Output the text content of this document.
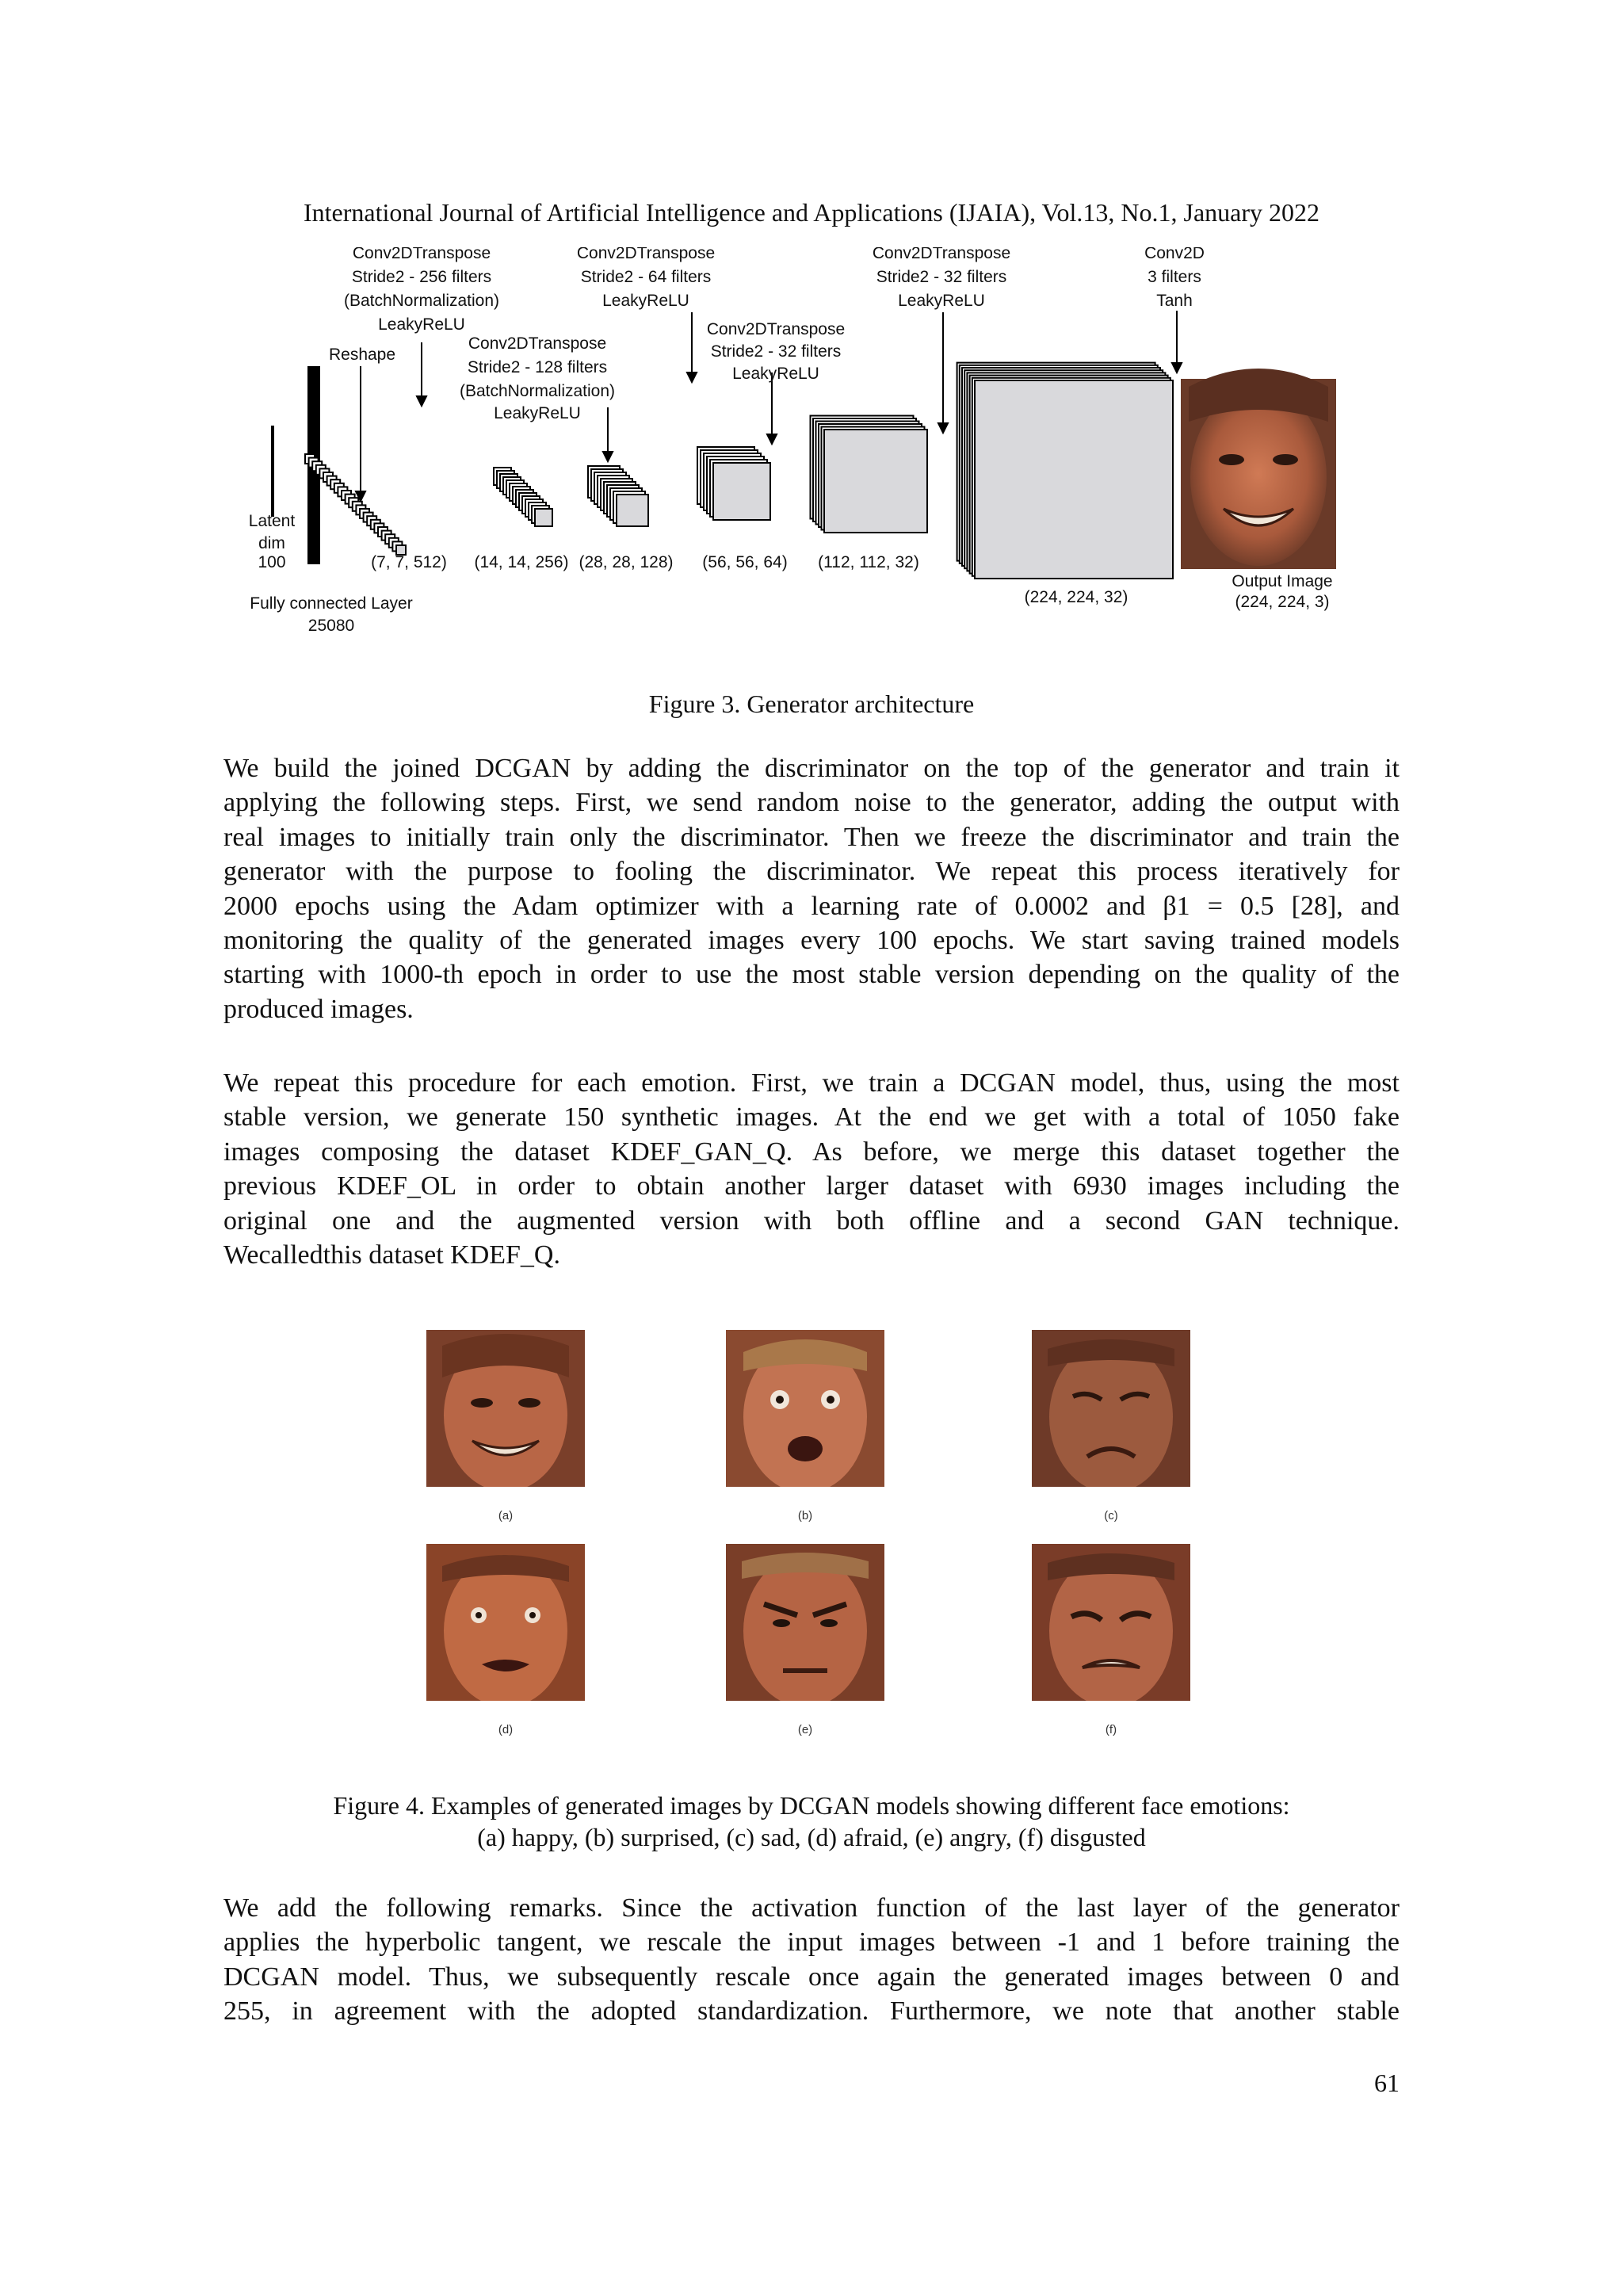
International Journal of Artificial Intelligence and Applications (IJAIA), Vol.13, No.1, January 2022
Conv2DTranspose
Stride2 - 256 filters
(BatchNormalization)
LeakyReLU
Reshape
Conv2DTranspose
Stride2 - 128 filters
(BatchNormalization)
LeakyReLU
Conv2DTranspose
Stride2 - 64 filters
LeakyReLU
Conv2DTranspose
Stride2 - 32 filters
LeakyReLU
Conv2DTranspose
Stride2 - 32 filters
LeakyReLU
Conv2D
3 filters
Tanh
Latent
dim
100
Fully connected Layer
25080
(7, 7, 512) (14, 14, 256) (28, 28, 128) (56, 56, 64) (112, 112, 32)
(224, 224, 32)
Output Image
(224, 224, 3)
Figure 3. Generator architecture
We build the joined DCGAN by adding the discriminator on the top of the generator and train it
applying the following steps. First, we send random noise to the generator, adding the output with
real images to initially train only the discriminator. Then we freeze the discriminator and train the
generator with the purpose to fooling the discriminator. We repeat this process iteratively for
2000 epochs using the Adam optimizer with a learning rate of 0.0002 and β1 = 0.5 [28], and
monitoring the quality of the generated images every 100 epochs. We start saving trained models
starting with 1000-th epoch in order to use the most stable version depending on the quality of the
produced images.
We repeat this procedure for each emotion. First, we train a DCGAN model, thus, using the most
stable version, we generate 150 synthetic images. At the end we get with a total of 1050 fake
images composing the dataset KDEF_GAN_Q. As before, we merge this dataset together the
previous KDEF_OL in order to obtain another larger dataset with 6930 images including the
original one and the augmented version with both offline and a second GAN technique.
Wecalledthis dataset KDEF_Q.
(a)	(b)	(c)
(d)	(e)	(f)
Figure 4. Examples of generated images by DCGAN models showing different face emotions:
(a) happy, (b) surprised, (c) sad, (d) afraid, (e) angry, (f) disgusted
We add the following remarks. Since the activation function of the last layer of the generator
applies the hyperbolic tangent, we rescale the input images between -1 and 1 before training the
DCGAN model. Thus, we subsequently rescale once again the generated images between 0 and
255, in agreement with the adopted standardization. Furthermore, we note that another stable
61
